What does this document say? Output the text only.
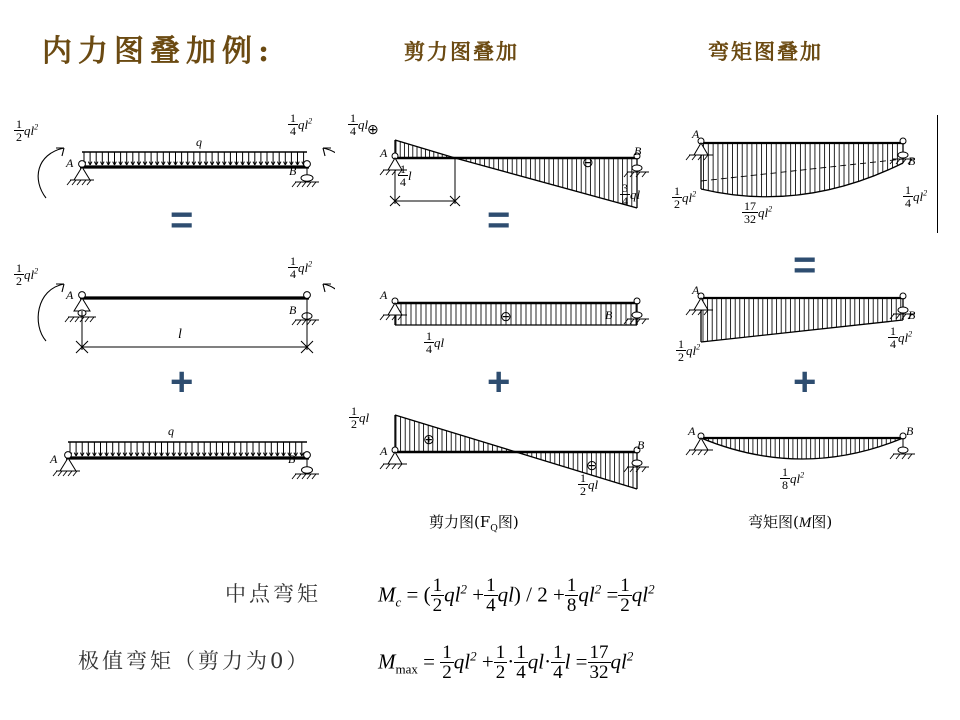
内力图叠加例:	剪力图叠加	弯矩图叠加
=	=
=
+	+	+
$\frac{1}{2} ql^2$	$\frac{1}{4} ql^2$
q
A
B
$\frac{1}{2} ql^2$	$\frac{1}{4} ql^2$
A
B
l
q
A	B
$\frac{1}{4}$ ql
$\frac{3}{4}$ ql
$\frac{1}{4}$ l
A	B
⊕
⊖
A
B
⊖
$\frac{1}{4}$ ql
$\frac{1}{2}$ ql
$\frac{1}{2}$ ql
A	B
⊕
⊖
A
B
$\frac{1}{2} ql^2$
$\frac{17}{32} ql^2$	$\frac{1}{4} ql^2$
A
B
$\frac{1}{2} ql^2$	$\frac{1}{4} ql^2$
A	B
$\frac{1}{8} ql^2$
剪力图($F_Q$图)	弯矩图(M图)
中点弯矩	$M_c$ = ( $\frac{1}{2} ql^2 + \frac{1}{4} ql) / 2 + \frac{1}{8} ql^2 = \frac{1}{2} ql^2$
极值弯矩（剪力为0）	$M_{max} = \frac{1}{2} ql^2 + \frac{1}{2} \cdot \frac{1}{4} ql\cdot \frac{1}{4}$ $l = \frac{17}{32} ql^2$
